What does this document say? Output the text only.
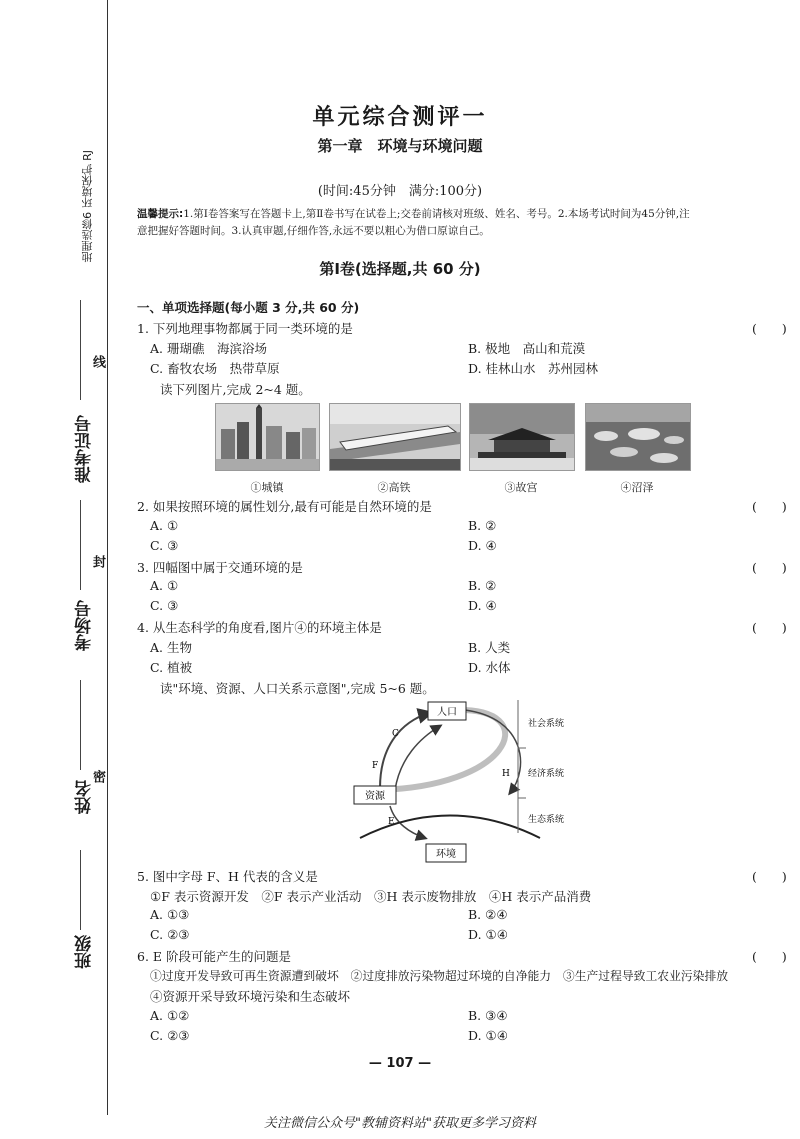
地理选修6 环境保护 RJ
准考证号
考场号
姓名
班级
线
封
密
单元综合测评一
第一章　环境与环境问题
(时间:45分钟　满分:100分)
温馨提示:1.第Ⅰ卷答案写在答题卡上,第Ⅱ卷书写在试卷上;交卷前请核对班级、姓名、考号。2.本场考试时间为45分钟,注
意把握好答题时间。3.认真审题,仔细作答,永远不要以粗心为借口原谅自己。
第Ⅰ卷(选择题,共 60 分)
一、单项选择题(每小题 3 分,共 60 分)
1. 下列地理事物都属于同一类环境的是	(　　)
A. 珊瑚礁　海滨浴场	B. 极地　高山和荒漠
C. 畜牧农场　热带草原	D. 桂林山水　苏州园林
读下列图片,完成 2~4 题。
①城镇	②高铁	③故宫	④沼泽
2. 如果按照环境的属性划分,最有可能是自然环境的是	(　　)
A. ①	B. ②
C. ③	D. ④
3. 四幅图中属于交通环境的是	(　　)
A. ①	B. ②
C. ③	D. ④
4. 从生态科学的角度看,图片④的环境主体是	(　　)
A. 生物	B. 人类
C. 植被	D. 水体
读"环境、资源、人口关系示意图",完成 5~6 题。
人口
资源
环境
社会系统
经济系统
生态系统
C
F
E
H
5. 图中字母 F、H 代表的含义是	(　　)
①F 表示资源开发　②F 表示产业活动　③H 表示废物排放　④H 表示产品消费
A. ①③	B. ②④
C. ②③	D. ①④
6. E 阶段可能产生的问题是	(　　)
①过度开发导致可再生资源遭到破坏　②过度排放污染物超过环境的自净能力　③生产过程导致工农业污染排放
④资源开采导致环境污染和生态破坏
A. ①②	B. ③④
C. ②③	D. ①④
— 107 —
关注微信公众号"教辅资料站"获取更多学习资料
